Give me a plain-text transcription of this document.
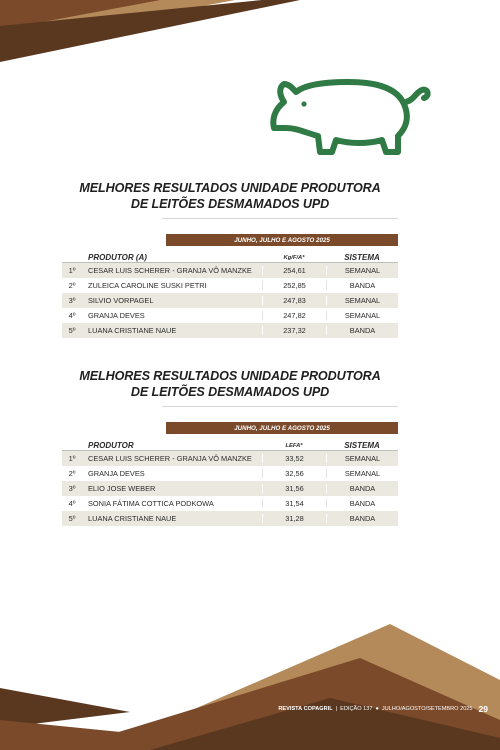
MELHORES RESULTADOS UNIDADE PRODUTORA
DE LEITÕES DESMAMADOS UPD
JUNHO, JULHO E AGOSTO 2025
PRODUTOR (A)	Kg/F/A*	SISTEMA
1º	CESAR LUIS SCHERER - GRANJA VÔ MANZKE	254,61	SEMANAL
2º	ZULEICA CAROLINE SUSKI PETRI	252,85	BANDA
3º	SILVIO VORPAGEL	247,83	SEMANAL
4º	GRANJA DEVES	247,82	SEMANAL
5º	LUANA CRISTIANE NAUE	237,32	BANDA
MELHORES RESULTADOS UNIDADE PRODUTORA
DE LEITÕES DESMAMADOS UPD
JUNHO, JULHO E AGOSTO 2025
PRODUTOR	LEFA*	SISTEMA
1º	CESAR LUIS SCHERER - GRANJA VÔ MANZKE	33,52	SEMANAL
2º	GRANJA DEVES	32,56	SEMANAL
3º	ELIO JOSE WEBER	31,56	BANDA
4º	SONIA FÁTIMA COTTICA PODKOWA	31,54	BANDA
5º	LUANA CRISTIANE NAUE	31,28	BANDA
REVISTA COPAGRIL | EDIÇÃO 137 ● JULHO/AGOSTO/SETEMBRO 2025 29
